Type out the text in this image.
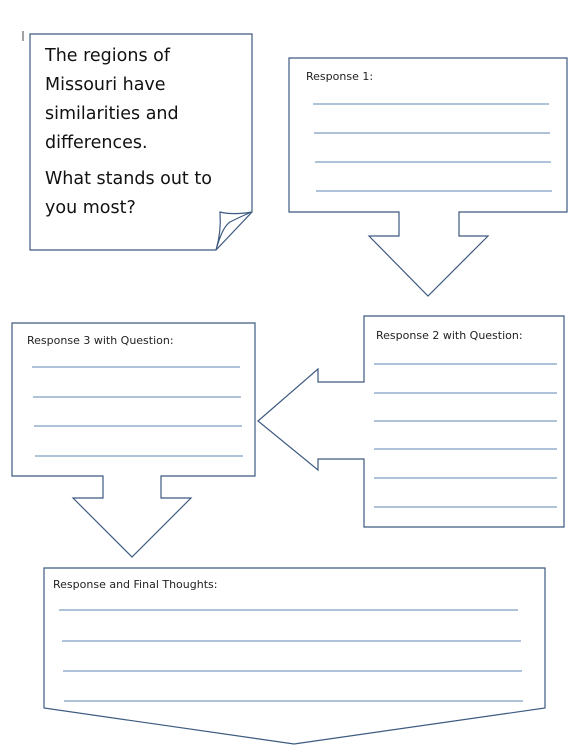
The regions of
Missouri have
similarities and
differences.
What stands out to
you most?
Response 1:
Response 2 with Question:
Response 3 with Question:
Response and Final Thoughts:
